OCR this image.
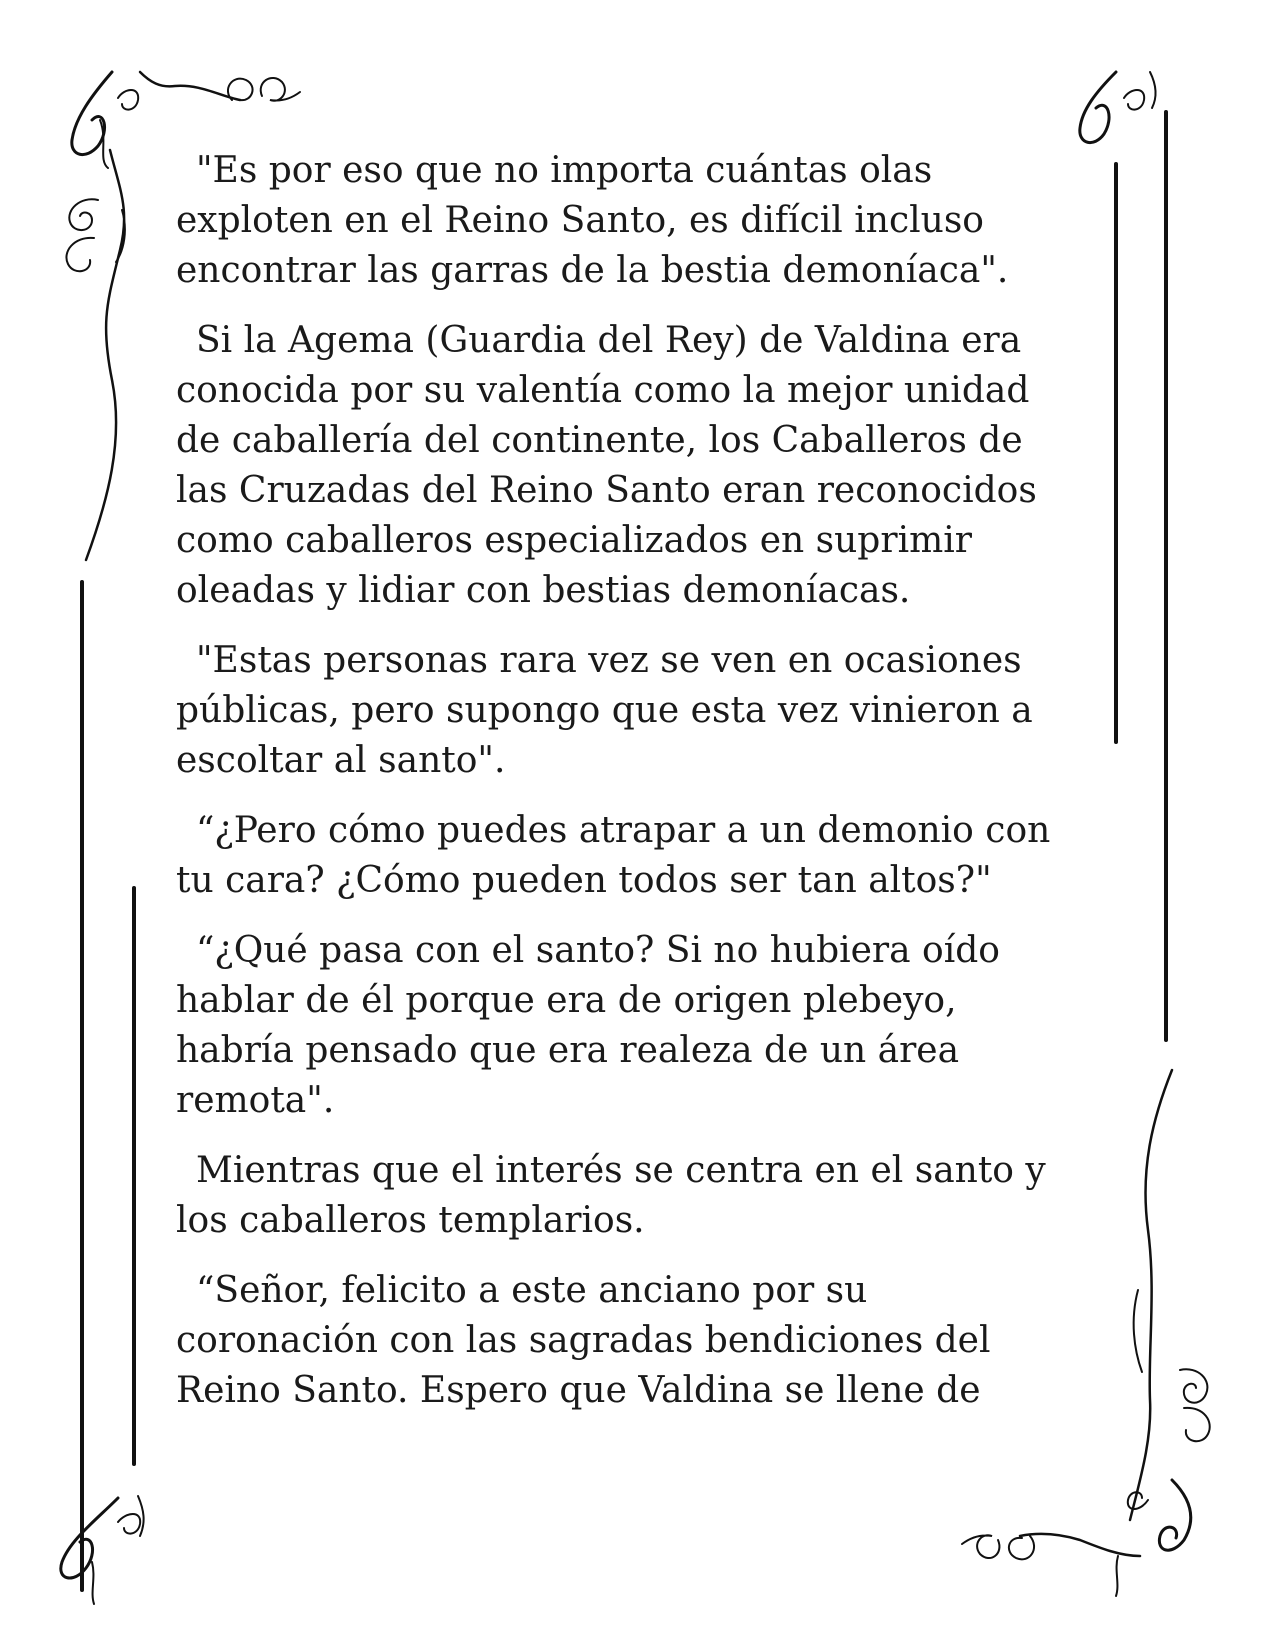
"Es por eso que no importa cuántas olas
exploten en el Reino Santo, es difícil incluso
encontrar las garras de la bestia demoníaca".

Si la Agema (Guardia del Rey) de Valdina era
conocida por su valentía como la mejor unidad
de caballería del continente, los Caballeros de
las Cruzadas del Reino Santo eran reconocidos
como caballeros especializados en suprimir
oleadas y lidiar con bestias demoníacas.

"Estas personas rara vez se ven en ocasiones
públicas, pero supongo que esta vez vinieron a
escoltar al santo".

“¿Pero cómo puedes atrapar a un demonio con
tu cara? ¿Cómo pueden todos ser tan altos?"

“¿Qué pasa con el santo? Si no hubiera oído
hablar de él porque era de origen plebeyo,
habría pensado que era realeza de un área
remota".

Mientras que el interés se centra en el santo y
los caballeros templarios.

“Señor, felicito a este anciano por su
coronación con las sagradas bendiciones del
Reino Santo. Espero que Valdina se llene de
